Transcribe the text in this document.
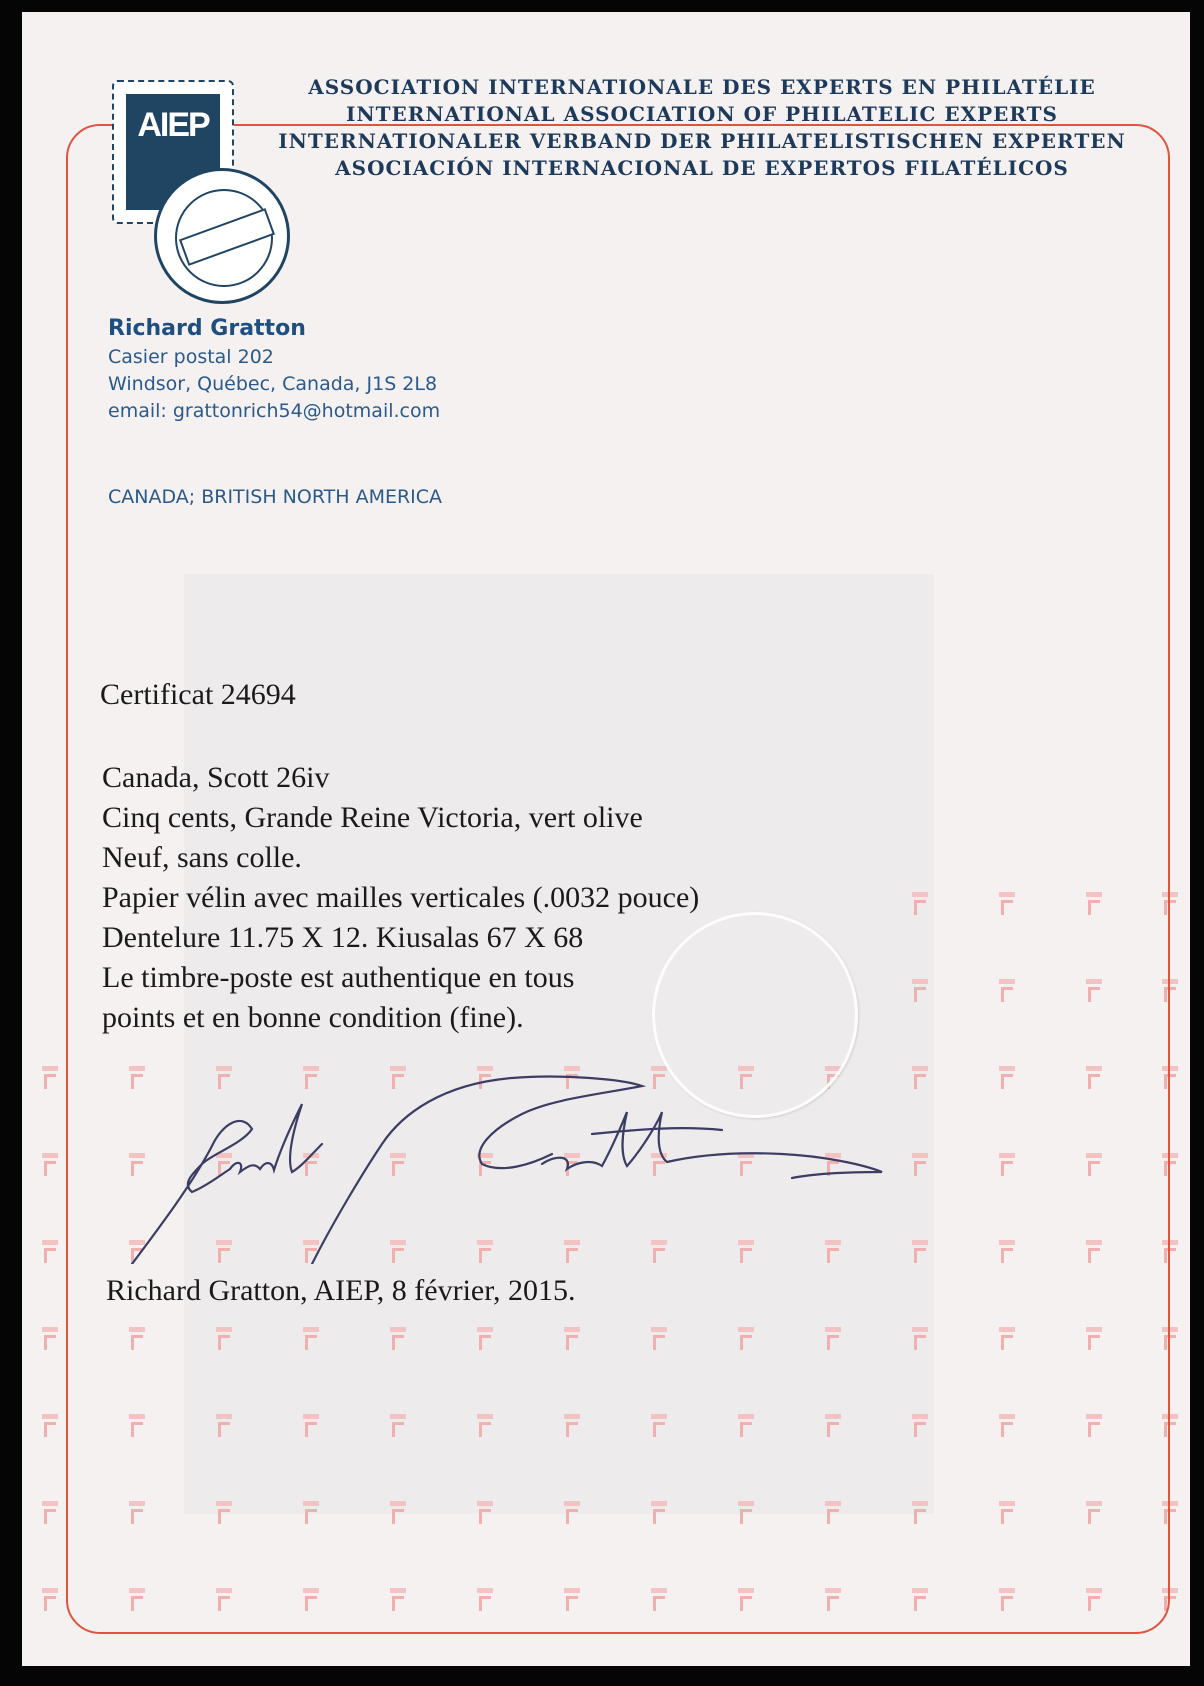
AIEP
ASSOCIATION INTERNATIONALE DES EXPERTS EN PHILATÉLIE
INTERNATIONAL ASSOCIATION OF PHILATELIC EXPERTS
INTERNATIONALER VERBAND DER PHILATELISTISCHEN EXPERTEN
ASOCIACIÓN INTERNACIONAL DE EXPERTOS FILATÉLICOS
Richard Gratton
Casier postal 202
Windsor, Québec, Canada, J1S 2L8
email: grattonrich54@hotmail.com
CANADA; BRITISH NORTH AMERICA
Certificat 24694
Canada, Scott 26iv
Cinq cents, Grande Reine Victoria, vert olive
Neuf, sans colle.
Papier vélin avec mailles verticales (.0032 pouce)
Dentelure 11.75 X 12. Kiusalas 67 X 68
Le timbre-poste est authentique en tous
points et en bonne condition (fine).
Richard Gratton, AIEP, 8 février, 2015.
